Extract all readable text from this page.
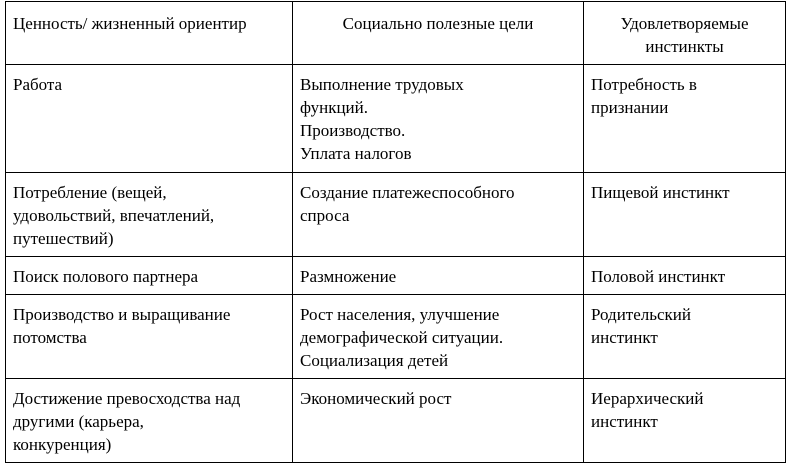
Ценность/ жизненный ориентир	Социально полезные цели	Удовлетворяемые
инстинкты

Работа	Выполнение трудовых
функций.
Производство.
Уплата налогов	Потребность в
признании

Потребление (вещей,
удовольствий, впечатлений,
путешествий)	Создание платежеспособного
спроса	Пищевой инстинкт

Поиск полового партнера	Размножение	Половой инстинкт

Производство и выращивание
потомства	Рост населения, улучшение
демографической ситуации.
Социализация детей	Родительский
инстинкт

Достижение превосходства над
другими (карьера,
конкуренция)	Экономический рост	Иерархический
инстинкт
